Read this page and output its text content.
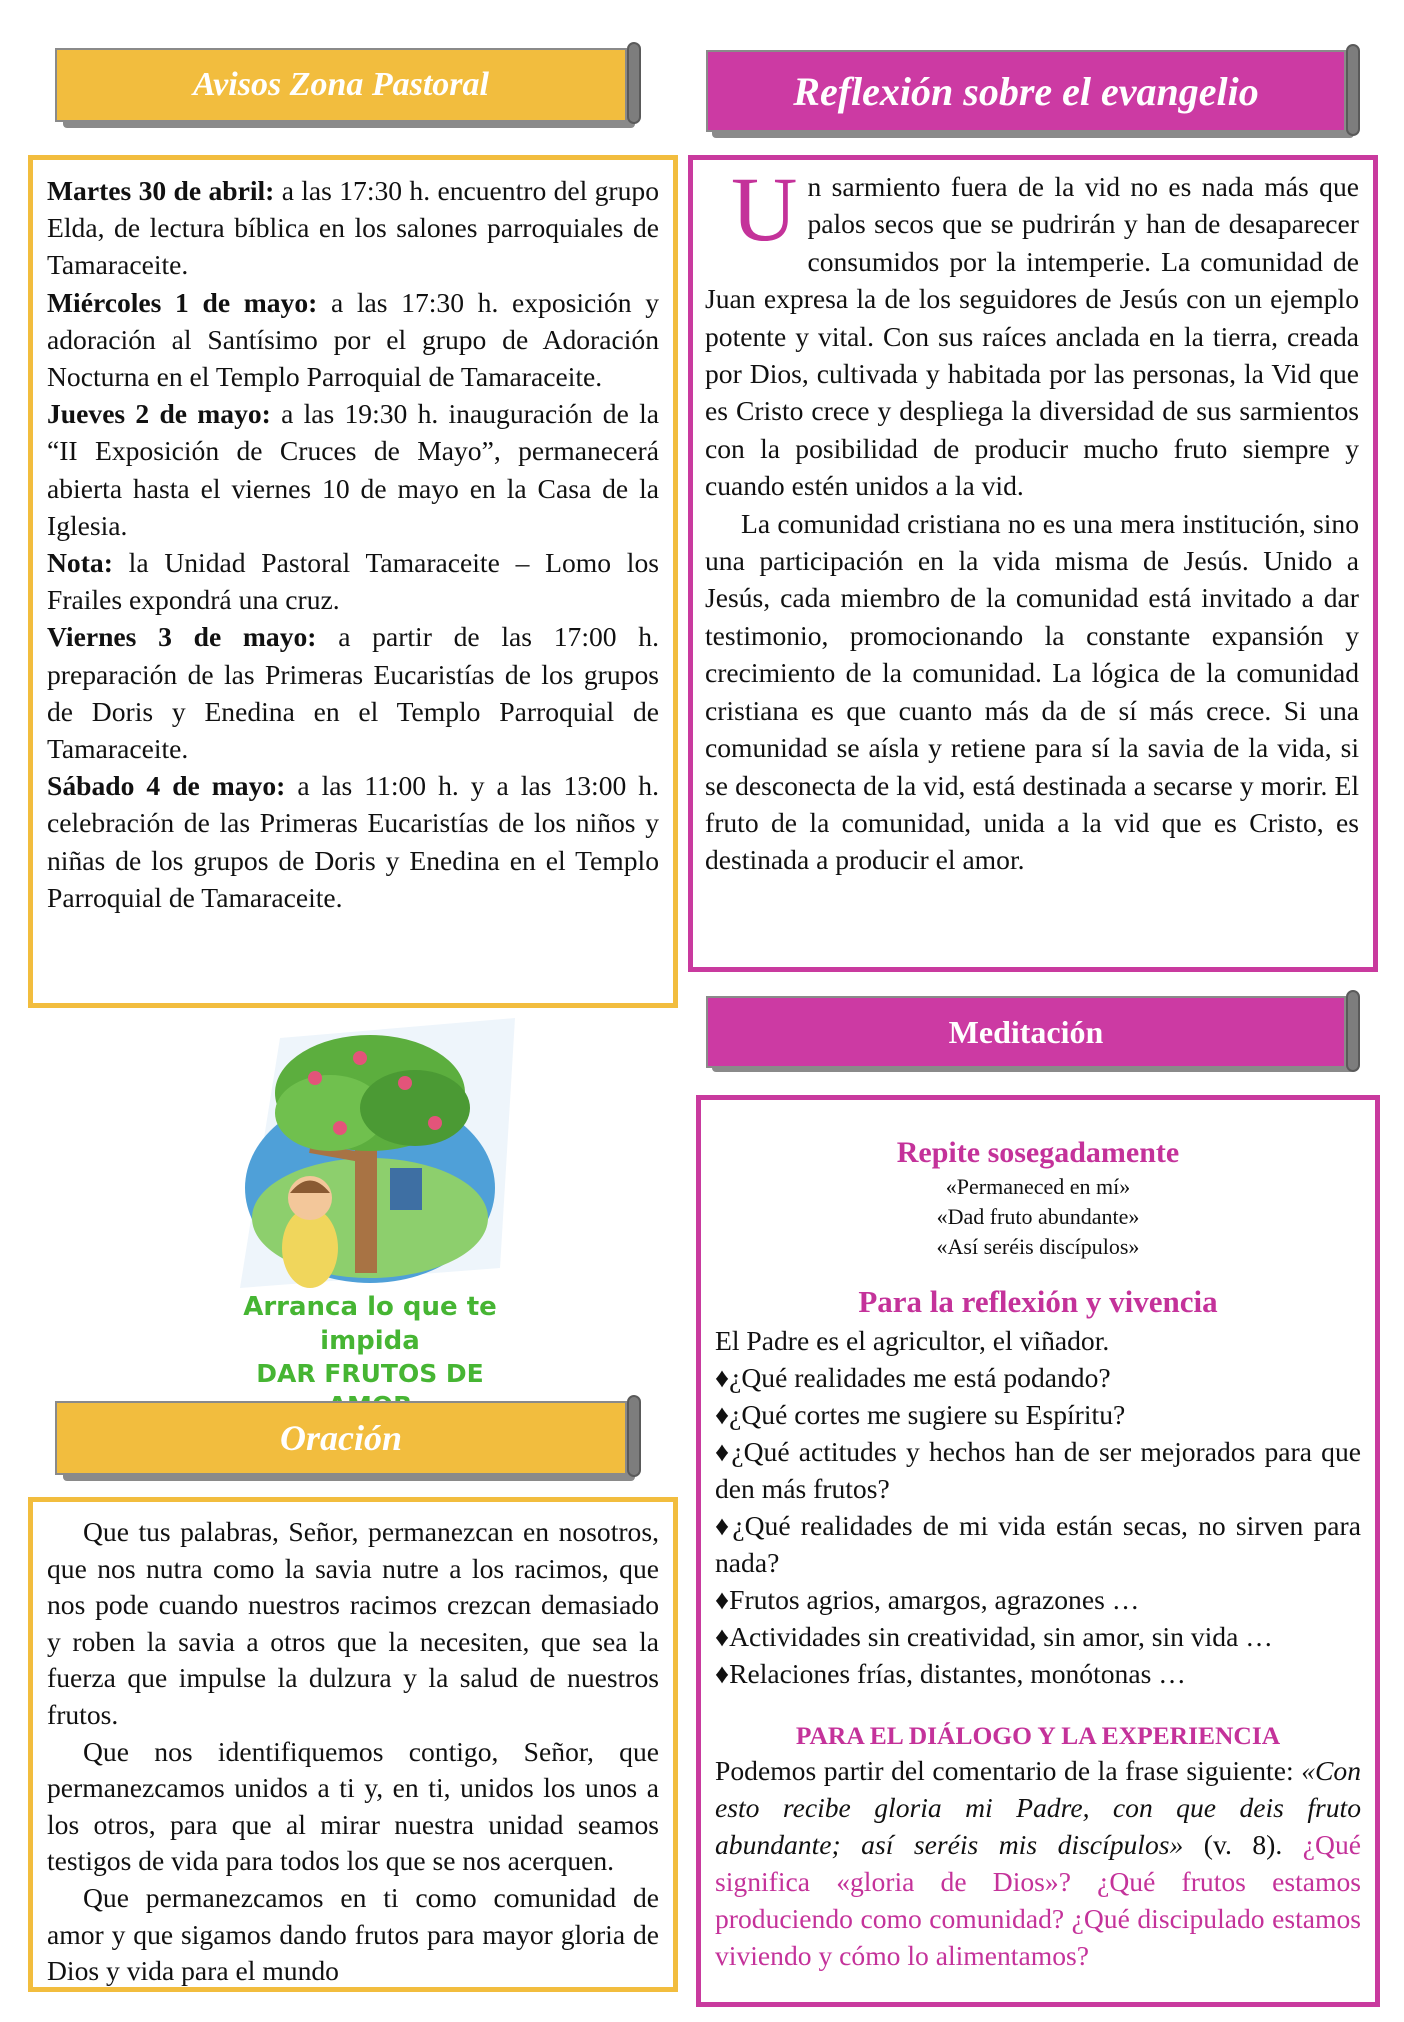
Avisos Zona Pastoral

Martes 30 de abril: a las 17:30 h. encuentro del grupo Elda, de lectura bíblica en los salones parroquiales de Tamaraceite.

Miércoles 1 de mayo: a las 17:30 h. exposición y adoración al Santísimo por el grupo de Adoración Nocturna en el Templo Parroquial de Tamaraceite.

Jueves 2 de mayo: a las 19:30 h. inauguración de la “II Exposición de Cruces de Mayo”, permanecerá abierta hasta el viernes 10 de mayo en la Casa de la Iglesia.

Nota: la Unidad Pastoral Tamaraceite – Lomo los Frailes expondrá una cruz.

Viernes 3 de mayo: a partir de las 17:00 h. preparación de las Primeras Eucaristías de los grupos de Doris y Enedina en el Templo Parroquial de Tamaraceite.

Sábado 4 de mayo: a las 11:00 h. y a las 13:00 h. celebración de las Primeras Eucaristías de los niños y niñas de los grupos de Doris y Enedina en el Templo Parroquial de Tamaraceite.

Reflexión sobre el evangelio

Un sarmiento fuera de la vid no es nada más que palos secos que se pudrirán y han de desaparecer consumidos por la intemperie. La comunidad de Juan expresa la de los seguidores de Jesús con un ejemplo potente y vital. Con sus raíces anclada en la tierra, creada por Dios, cultivada y habitada por las personas, la Vid que es Cristo crece y despliega la diversidad de sus sarmientos con la posibilidad de producir mucho fruto siempre y cuando estén unidos a la vid.

La comunidad cristiana no es una mera institución, sino una participación en la vida misma de Jesús. Unido a Jesús, cada miembro de la comunidad está invitado a dar testimonio, promocionando la constante expansión y crecimiento de la comunidad. La lógica de la comunidad cristiana es que cuanto más da de sí más crece. Si una comunidad se aísla y retiene para sí la savia de la vida, si se desconecta de la vid, está destinada a secarse y morir. El fruto de la comunidad, unida a la vid que es Cristo, es destinada a producir el amor.

Arranca lo que te impida
DAR FRUTOS DE
Oración

Que tus palabras, Señor, permanezcan en nosotros, que nos nutra como la savia nutre a los racimos, que nos pode cuando nuestros racimos crezcan demasiado y roben la savia a otros que la necesiten, que sea la fuerza que impulse la dulzura y la salud de nuestros frutos.

Que nos identifiquemos contigo, Señor, que permanezcamos unidos a ti y, en ti, unidos los unos a los otros, para que al mirar nuestra unidad seamos testigos de vida para todos los que se nos acerquen.

Que permanezcamos en ti como comunidad de amor y que sigamos dando frutos para mayor gloria de Dios y vida para el mundo

Meditación
Repite sosegadamente
«Permaneced en mí»
«Dad fruto abundante»
«Así seréis discípulos»
Para la reflexión y vivencia
El Padre es el agricultor, el viñador.
♦¿Qué realidades me está podando?
♦¿Qué cortes me sugiere su Espíritu?
♦¿Qué actitudes y hechos han de ser mejorados para que den más frutos?
♦¿Qué realidades de mi vida están secas, no sirven para nada?
♦Frutos agrios, amargos, agrazones …
♦Actividades sin creatividad, sin amor, sin vida …
♦Relaciones frías, distantes, monótonas …
PARA EL DIÁLOGO Y LA EXPERIENCIA
Podemos partir del comentario de la frase siguiente: «Con esto recibe gloria mi Padre, con que deis fruto abundante; así seréis mis discípulos» (v. 8). ¿Qué significa «gloria de Dios»? ¿Qué frutos estamos produciendo como comunidad? ¿Qué discipulado estamos viviendo y cómo lo alimentamos?
